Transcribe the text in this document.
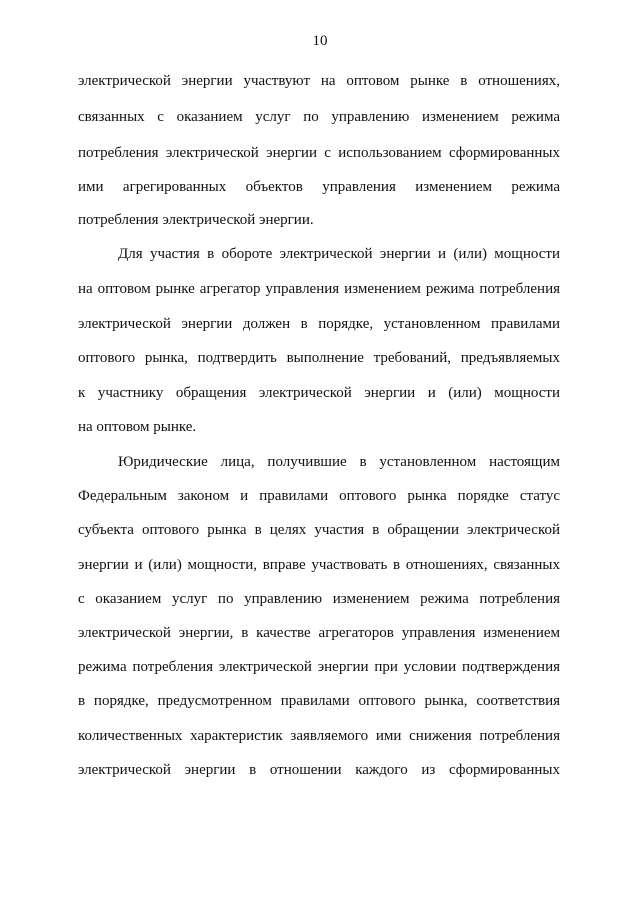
10
электрической энергии участвуют на оптовом рынке в отношениях,
связанных с оказанием услуг по управлению изменением режима
потребления электрической энергии с использованием сформированных
ими агрегированных объектов управления изменением режима
потребления электрической энергии.
Для участия в обороте электрической энергии и (или) мощности
на оптовом рынке агрегатор управления изменением режима потребления
электрической энергии должен в порядке, установленном правилами
оптового рынка, подтвердить выполнение требований, предъявляемых
к участнику обращения электрической энергии и (или) мощности
на оптовом рынке.
Юридические лица, получившие в установленном настоящим
Федеральным законом и правилами оптового рынка порядке статус
субъекта оптового рынка в целях участия в обращении электрической
энергии и (или) мощности, вправе участвовать в отношениях, связанных
с оказанием услуг по управлению изменением режима потребления
электрической энергии, в качестве агрегаторов управления изменением
режима потребления электрической энергии при условии подтверждения
в порядке, предусмотренном правилами оптового рынка, соответствия
количественных характеристик заявляемого ими снижения потребления
электрической энергии в отношении каждого из сформированных
